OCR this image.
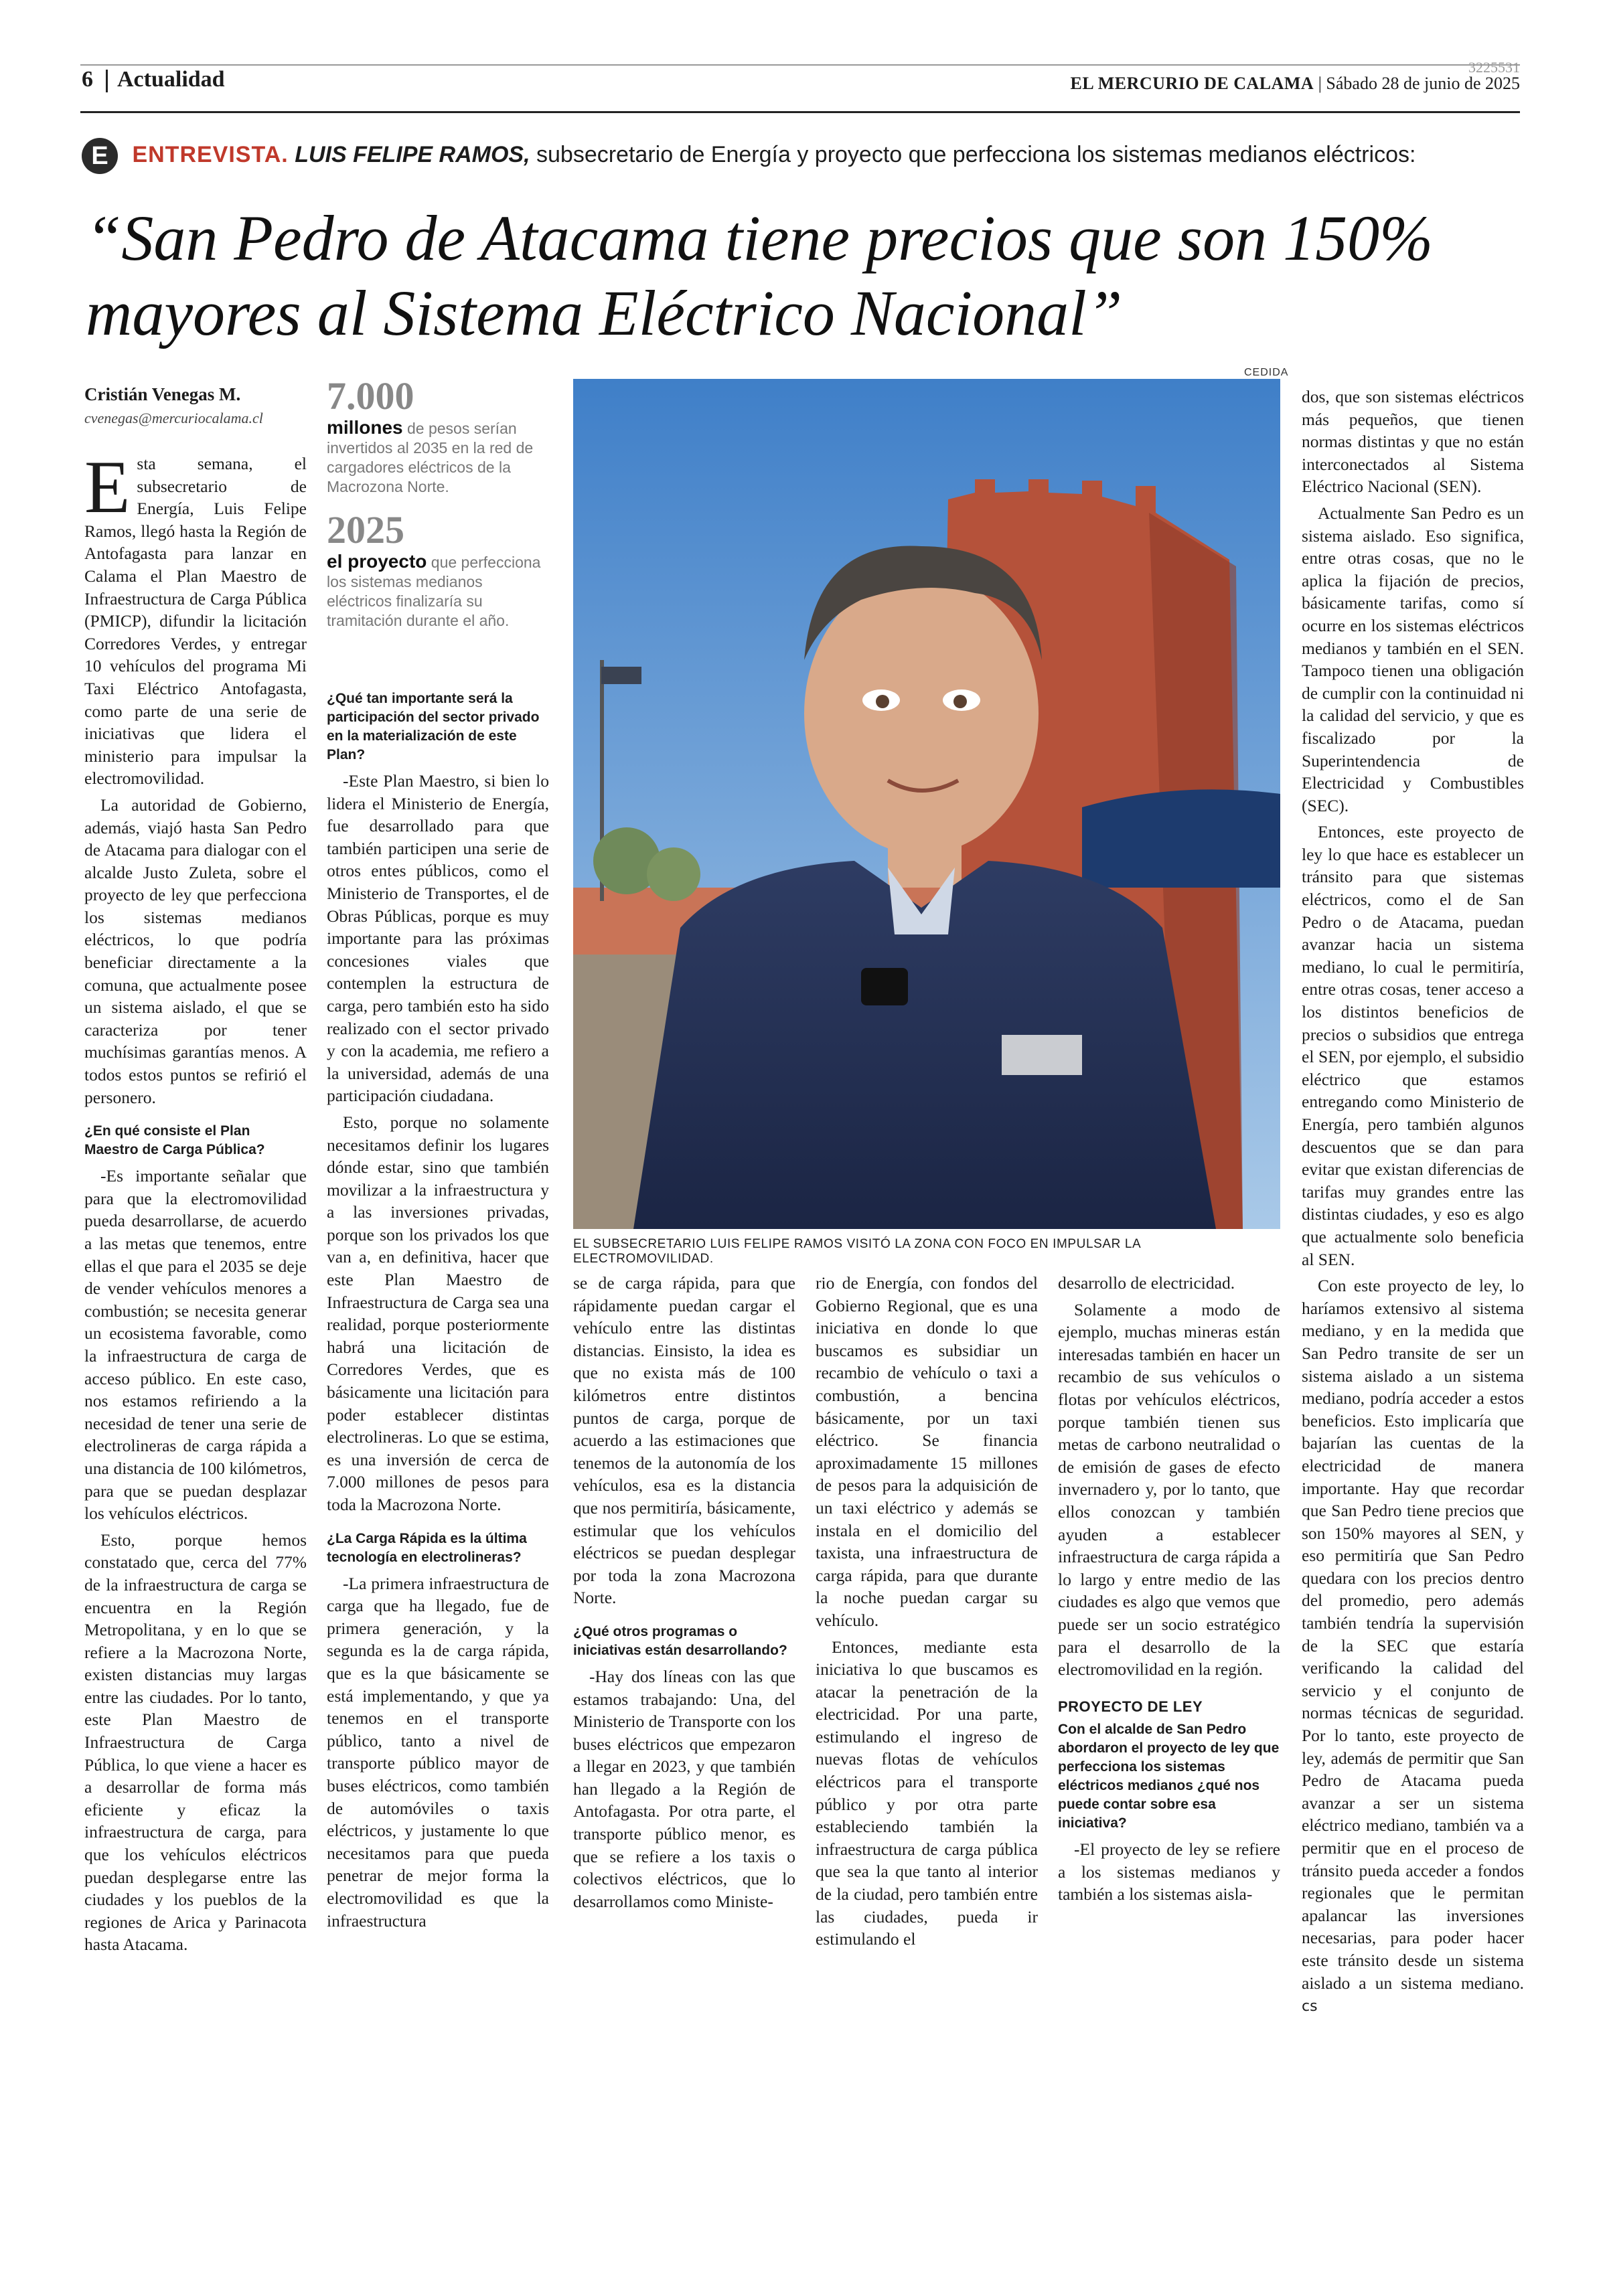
3225531
6 Actualidad	EL MERCURIO DE CALAMA | Sábado 28 de junio de 2025
E ENTREVISTA. LUIS FELIPE RAMOS, subsecretario de Energía y proyecto que perfecciona los sistemas medianos eléctricos:
“San Pedro de Atacama tiene precios que son 150% mayores al Sistema Eléctrico Nacional”
Cristián Venegas M.
cvenegas@mercuriocalama.cl
7.000
millones de pesos serían invertidos al 2035 en la red de cargadores eléctricos de la Macrozona Norte.
2025
el proyecto que perfecciona los sistemas medianos eléctricos finalizaría su tramitación durante el año.
CEDIDA
EL SUBSECRETARIO LUIS FELIPE RAMOS VISITÓ LA ZONA CON FOCO EN IMPULSAR LA ELECTROMOVILIDAD.

Esta semana, el subsecretario de Energía, Luis Felipe Ramos, llegó hasta la Región de Antofagasta para lanzar en Calama el Plan Maestro de Infraestructura de Carga Pública (PMICP), difundir la licitación Corredores Verdes, y entregar 10 vehículos del programa Mi Taxi Eléctrico Antofagasta, como parte de una serie de iniciativas que lidera el ministerio para impulsar la electromovilidad.

La autoridad de Gobierno, además, viajó hasta San Pedro de Atacama para dialogar con el alcalde Justo Zuleta, sobre el proyecto de ley que perfecciona los sistemas medianos eléctricos, lo que podría beneficiar directamente a la comuna, que actualmente posee un sistema aislado, el que se caracteriza por tener muchísimas garantías menos. A todos estos puntos se refirió el personero.

¿En qué consiste el Plan Maestro de Carga Pública?

-Es importante señalar que para que la electromovilidad pueda desarrollarse, de acuerdo a las metas que tenemos, entre ellas el que para el 2035 se deje de vender vehículos menores a combustión; se necesita generar un ecosistema favorable, como la infraestructura de carga de acceso público. En este caso, nos estamos refiriendo a la necesidad de tener una serie de electrolineras de carga rápida a una distancia de 100 kilómetros, para que se puedan desplazar los vehículos eléctricos.

Esto, porque hemos constatado que, cerca del 77% de la infraestructura de carga se encuentra en la Región Metropolitana, y en lo que se refiere a la Macrozona Norte, existen distancias muy largas entre las ciudades. Por lo tanto, este Plan Maestro de Infraestructura de Carga Pública, lo que viene a hacer es a desarrollar de forma más eficiente y eficaz la infraestructura de carga, para que los vehículos eléctricos puedan desplegarse entre las ciudades y los pueblos de la regiones de Arica y Parinacota hasta Atacama.

¿Qué tan importante será la participación del sector privado en la materialización de este Plan?

-Este Plan Maestro, si bien lo lidera el Ministerio de Energía, fue desarrollado para que también participen una serie de otros entes públicos, como el Ministerio de Transportes, el de Obras Públicas, porque es muy importante para las próximas concesiones viales que contemplen la estructura de carga, pero también esto ha sido realizado con el sector privado y con la academia, me refiero a la universidad, además de una participación ciudadana.

Esto, porque no solamente necesitamos definir los lugares dónde estar, sino que también movilizar a la infraestructura y a las inversiones privadas, porque son los privados los que van a, en definitiva, hacer que este Plan Maestro de Infraestructura de Carga sea una realidad, porque posteriormente habrá una licitación de Corredores Verdes, que es básicamente una licitación para poder establecer distintas electrolineras. Lo que se estima, es una inversión de cerca de 7.000 millones de pesos para toda la Macrozona Norte.

¿La Carga Rápida es la última tecnología en electrolineras?

-La primera infraestructura de carga que ha llegado, fue de primera generación, y la segunda es la de carga rápida, que es la que básicamente se está implementando, y que ya tenemos en el transporte público, tanto a nivel de transporte público mayor de buses eléctricos, como también de automóviles o taxis eléctricos, y justamente lo que necesitamos para que pueda penetrar de mejor forma la electromovilidad es que la infraestructura

se de carga rápida, para que rápidamente puedan cargar el vehículo entre las distintas distancias. Einsisto, la idea es que no exista más de 100 kilómetros entre distintos puntos de carga, porque de acuerdo a las estimaciones que tenemos de la autonomía de los vehículos, esa es la distancia que nos permitiría, básicamente, estimular que los vehículos eléctricos se puedan desplegar por toda la zona Macrozona Norte.

¿Qué otros programas o iniciativas están desarrollando?

-Hay dos líneas con las que estamos trabajando: Una, del Ministerio de Transporte con los buses eléctricos que empezaron a llegar en 2023, y que también han llegado a la Región de Antofagasta. Por otra parte, el transporte público menor, es que se refiere a los taxis o colectivos eléctricos, que lo desarrollamos como Ministe-

rio de Energía, con fondos del Gobierno Regional, que es una iniciativa en donde lo que buscamos es subsidiar un recambio de vehículo o taxi a combustión, a bencina básicamente, por un taxi eléctrico. Se financia aproximadamente 15 millones de pesos para la adquisición de un taxi eléctrico y además se instala en el domicilio del taxista, una infraestructura de carga rápida, para que durante la noche puedan cargar su vehículo.

Entonces, mediante esta iniciativa lo que buscamos es atacar la penetración de la electricidad. Por una parte, estimulando el ingreso de nuevas flotas de vehículos eléctricos para el transporte público y por otra parte estableciendo también la infraestructura de carga pública que sea la que tanto al interior de la ciudad, pero también entre las ciudades, pueda ir estimulando el

desarrollo de electricidad.

Solamente a modo de ejemplo, muchas mineras están interesadas también en hacer un recambio de sus vehículos o flotas por vehículos eléctricos, porque también tienen sus metas de carbono neutralidad o de emisión de gases de efecto invernadero y, por lo tanto, que ellos conozcan y también ayuden a establecer infraestructura de carga rápida a lo largo y entre medio de las ciudades es algo que vemos que puede ser un socio estratégico para el desarrollo de la electromovilidad en la región.

PROYECTO DE LEY

Con el alcalde de San Pedro abordaron el proyecto de ley que perfecciona los sistemas eléctricos medianos ¿qué nos puede contar sobre esa iniciativa?

-El proyecto de ley se refiere a los sistemas medianos y también a los sistemas aisla-

dos, que son sistemas eléctricos más pequeños, que tienen normas distintas y que no están interconectados al Sistema Eléctrico Nacional (SEN).

Actualmente San Pedro es un sistema aislado. Eso significa, entre otras cosas, que no le aplica la fijación de precios, básicamente tarifas, como sí ocurre en los sistemas eléctricos medianos y también en el SEN. Tampoco tienen una obligación de cumplir con la continuidad ni la calidad del servicio, y que es fiscalizado por la Superintendencia de Electricidad y Combustibles (SEC).

Entonces, este proyecto de ley lo que hace es establecer un tránsito para que sistemas eléctricos, como el de San Pedro o de Atacama, puedan avanzar hacia un sistema mediano, lo cual le permitiría, entre otras cosas, tener acceso a los distintos beneficios de precios o subsidios que entrega el SEN, por ejemplo, el subsidio eléctrico que estamos entregando como Ministerio de Energía, pero también algunos descuentos que se dan para evitar que existan diferencias de tarifas muy grandes entre las distintas ciudades, y eso es algo que actualmente solo beneficia al SEN.

Con este proyecto de ley, lo haríamos extensivo al sistema mediano, y en la medida que San Pedro transite de ser un sistema aislado a un sistema mediano, podría acceder a estos beneficios. Esto implicaría que bajarían las cuentas de la electricidad de manera importante. Hay que recordar que San Pedro tiene precios que son 150% mayores al SEN, y eso permitiría que San Pedro quedara con los precios dentro del promedio, pero además también tendría la supervisión de la SEC que estaría verificando la calidad del servicio y el conjunto de normas técnicas de seguridad. Por lo tanto, este proyecto de ley, además de permitir que San Pedro de Atacama pueda avanzar a ser un sistema eléctrico mediano, también va a permitir que en el proceso de tránsito pueda acceder a fondos regionales que le permitan apalancar las inversiones necesarias, para poder hacer este tránsito desde un sistema aislado a un sistema mediano. cs
